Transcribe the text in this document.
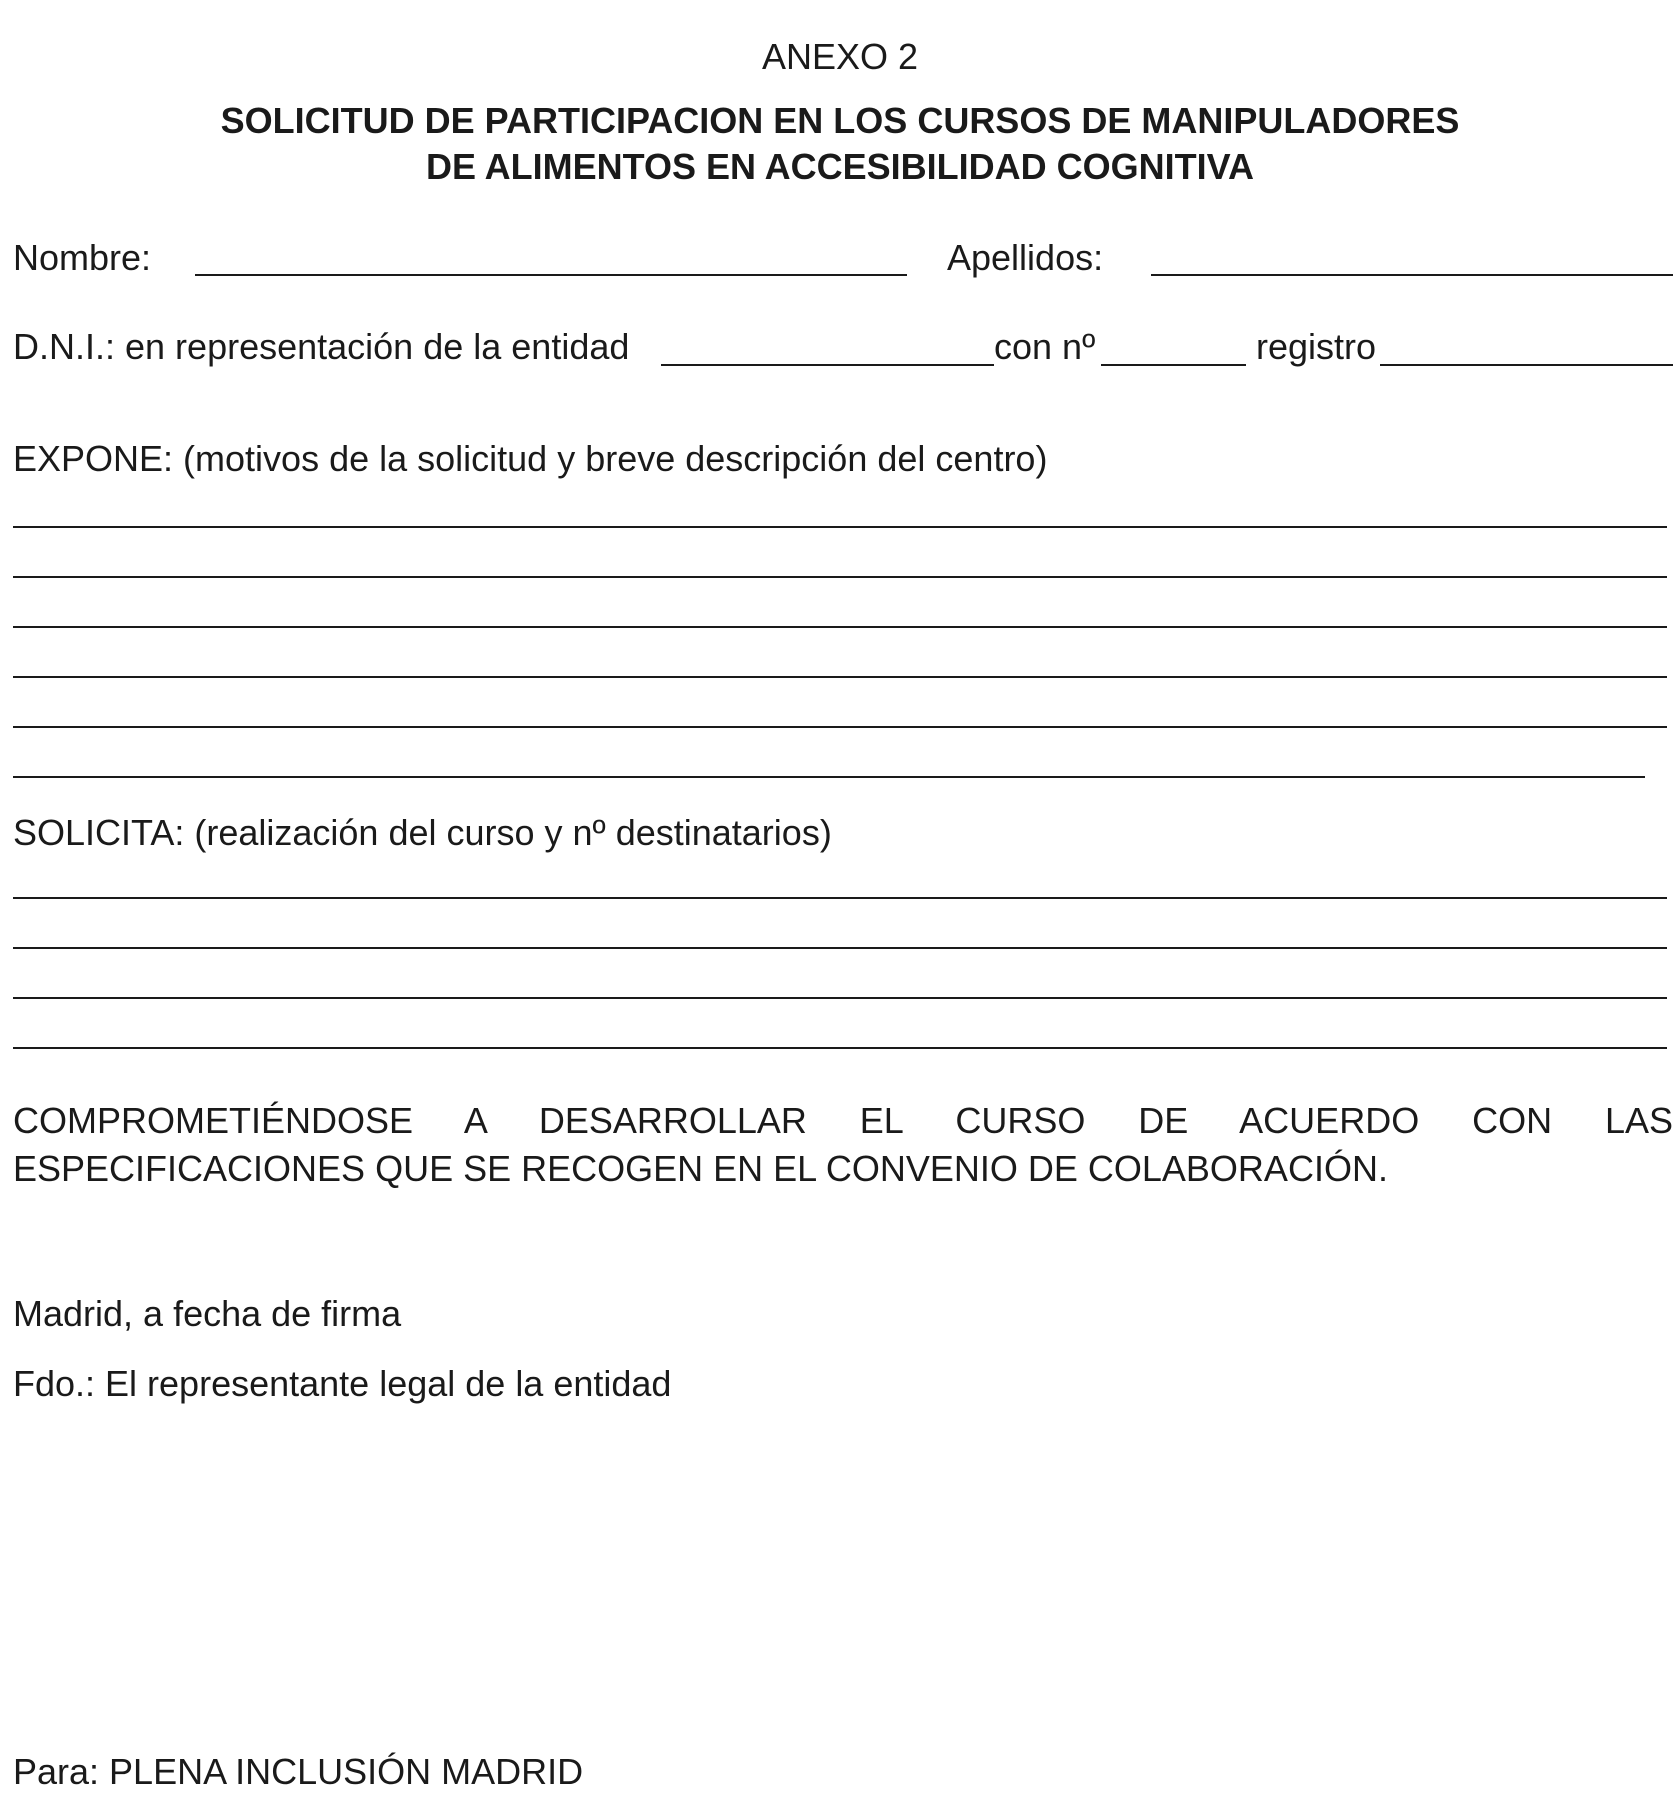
ANEXO 2
SOLICITUD DE PARTICIPACION EN LOS CURSOS DE MANIPULADORES
DE ALIMENTOS EN ACCESIBILIDAD COGNITIVA
Nombre:	Apellidos:
D.N.I.: en representación de la entidad	con nº	registro
EXPONE: (motivos de la solicitud y breve descripción del centro)
SOLICITA: (realización del curso y nº destinatarios)
COMPROMETIÉNDOSE A DESARROLLAR EL CURSO DE ACUERDO CON LAS
ESPECIFICACIONES QUE SE RECOGEN EN EL CONVENIO DE COLABORACIÓN.
Madrid, a fecha de firma
Fdo.: El representante legal de la entidad
Para: PLENA INCLUSIÓN MADRID
